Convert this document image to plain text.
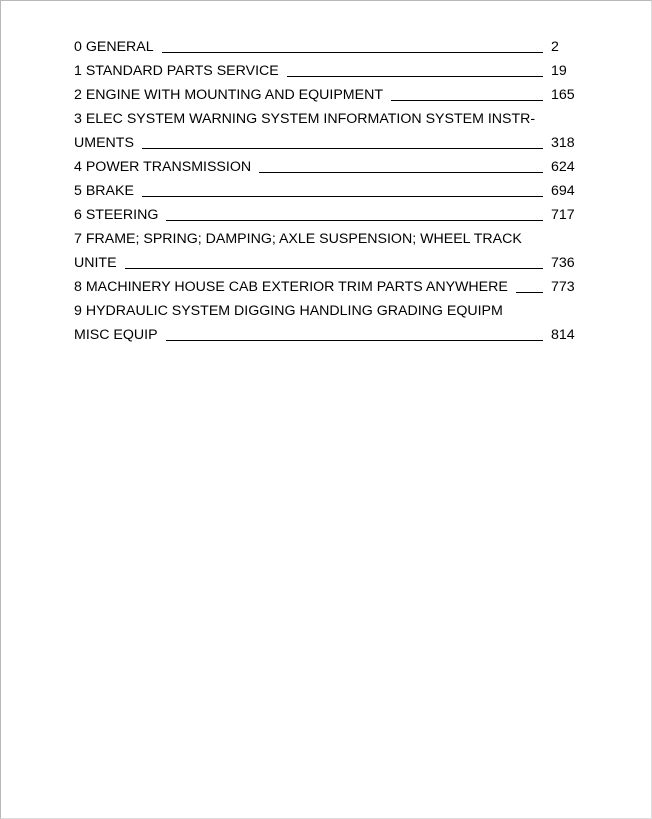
0 GENERAL	2
1 STANDARD PARTS SERVICE	19
2 ENGINE WITH MOUNTING AND EQUIPMENT	165
3 ELEC SYSTEM WARNING SYSTEM INFORMATION SYSTEM INSTR-
UMENTS	318
4 POWER TRANSMISSION	624
5 BRAKE	694
6 STEERING	717
7 FRAME; SPRING; DAMPING; AXLE SUSPENSION; WHEEL TRACK
UNITE	736
8 MACHINERY HOUSE CAB EXTERIOR TRIM PARTS ANYWHERE	773
9 HYDRAULIC SYSTEM DIGGING HANDLING GRADING EQUIPM
MISC EQUIP	814
